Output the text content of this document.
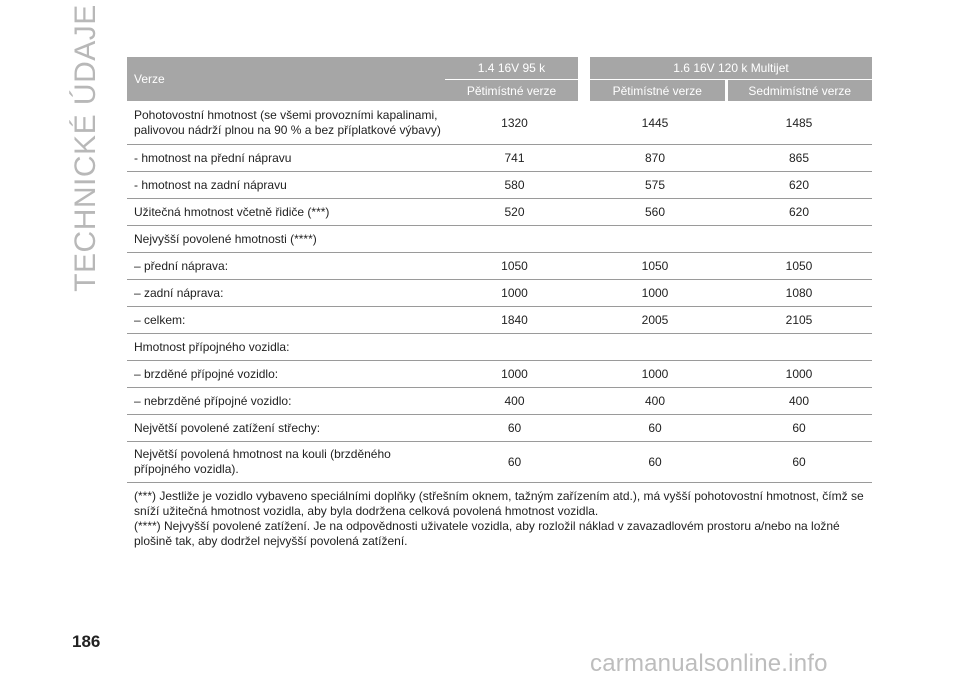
TECHNICKÉ ÚDAJE	Verze	1.4 16V 95 k	1.6 16V 120 k Multijet	
	Pětimístné verze	Pětimístné verze	Sedmimístné verze
Pohotovostní hmotnost (se všemi provozními kapalinami, palivovou nádrží plnou na 90 % a bez příplatkové výbavy)	1320	1445	1485
- hmotnost na přední nápravu	741	870	865
- hmotnost na zadní nápravu	580	575	620
Užitečná hmotnost včetně řidiče (***)	520	560	620
Nejvyšší povolené hmotnosti (****)			
– přední náprava:	1050	1050	1050
– zadní náprava:	1000	1000	1080
– celkem:	1840	2005	2105
Hmotnost přípojného vozidla:			
– brzděné přípojné vozidlo:	1000	1000	1000
– nebrzděné přípojné vozidlo:	400	400	400
Největší povolené zatížení střechy:	60	60	60
Největší povolená hmotnost na kouli (brzděného přípojného vozidla).	60	60	60

(***) Jestliže je vozidlo vybaveno speciálními doplňky (střešním oknem, tažným zařízením atd.), má vyšší pohotovostní hmotnost, čímž se sníží užitečná hmotnost vozidla, aby byla dodržena celková povolená hmotnost vozidla.

(****) Nejvyšší povolené zatížení. Je na odpovědnosti uživatele vozidla, aby rozložil náklad v zavazadlovém prostoru a/nebo na ložné plošině tak, aby dodržel nejvyšší povolená zatížení.

186
carmanualsonline.info
